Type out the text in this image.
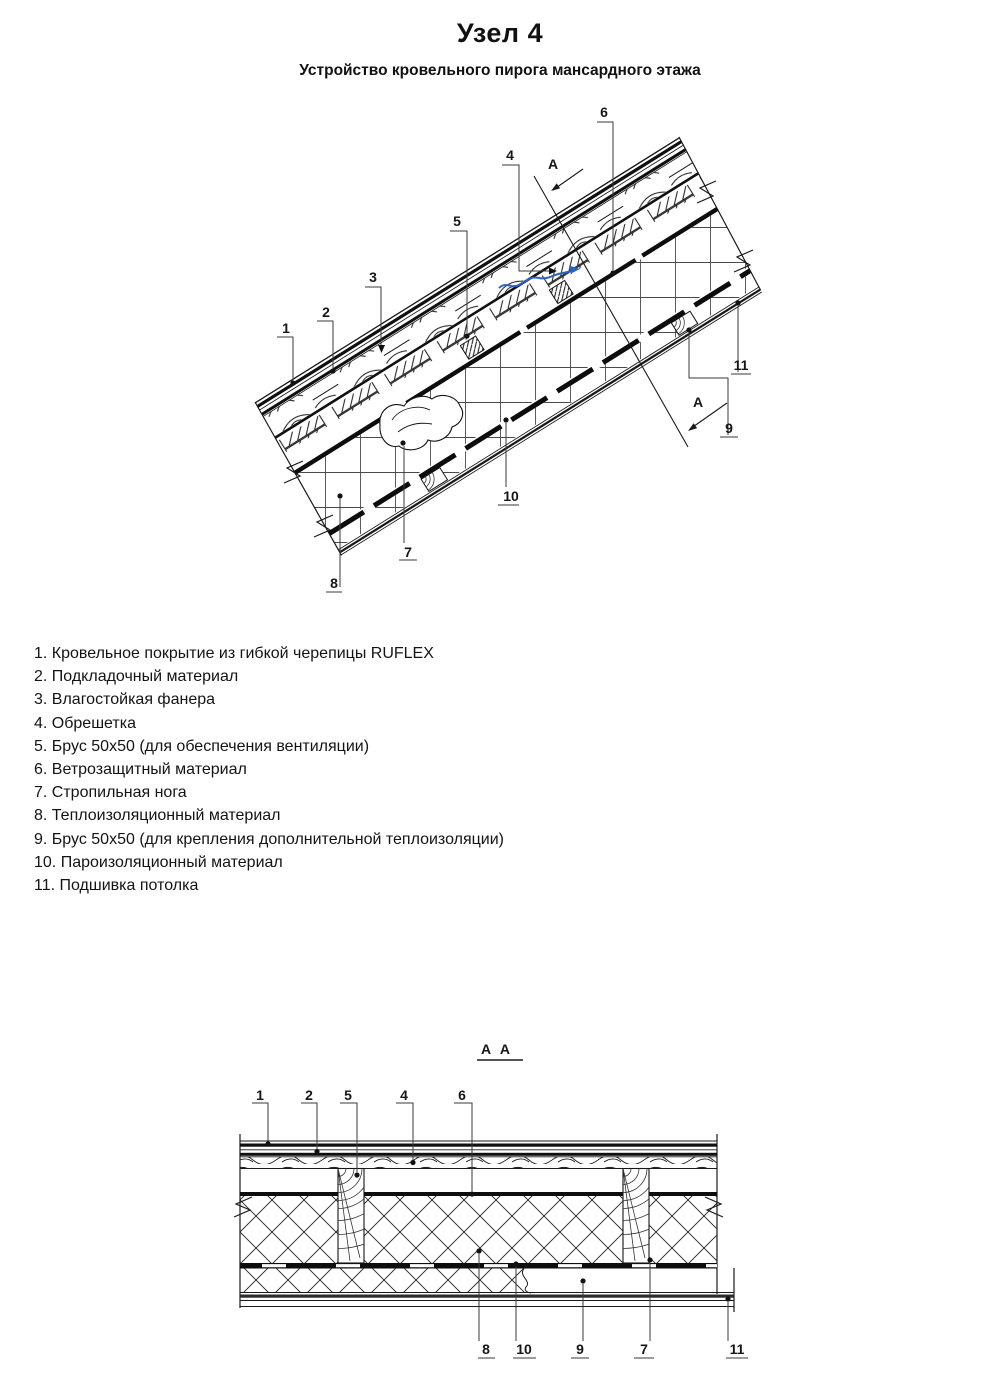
Узел 4
Устройство кровельного пирога мансардного этажа
1
2
3
5
4
6
10
7
8
9
11
A
A
1. Кровельное покрытие из гибкой черепицы RUFLEX
2. Подкладочный материал
3. Влагостойкая фанера
4. Обрешетка
5. Брус 50х50 (для обеспечения вентиляции)
6. Ветрозащитный материал
7. Стропильная нога
8. Теплоизоляционный материал
9. Брус 50х50 (для крепления дополнительной теплоизоляции)
10. Пароизоляционный материал
11. Подшивка потолка
A A
1	2 5	4	6
8 10	9	7	11
